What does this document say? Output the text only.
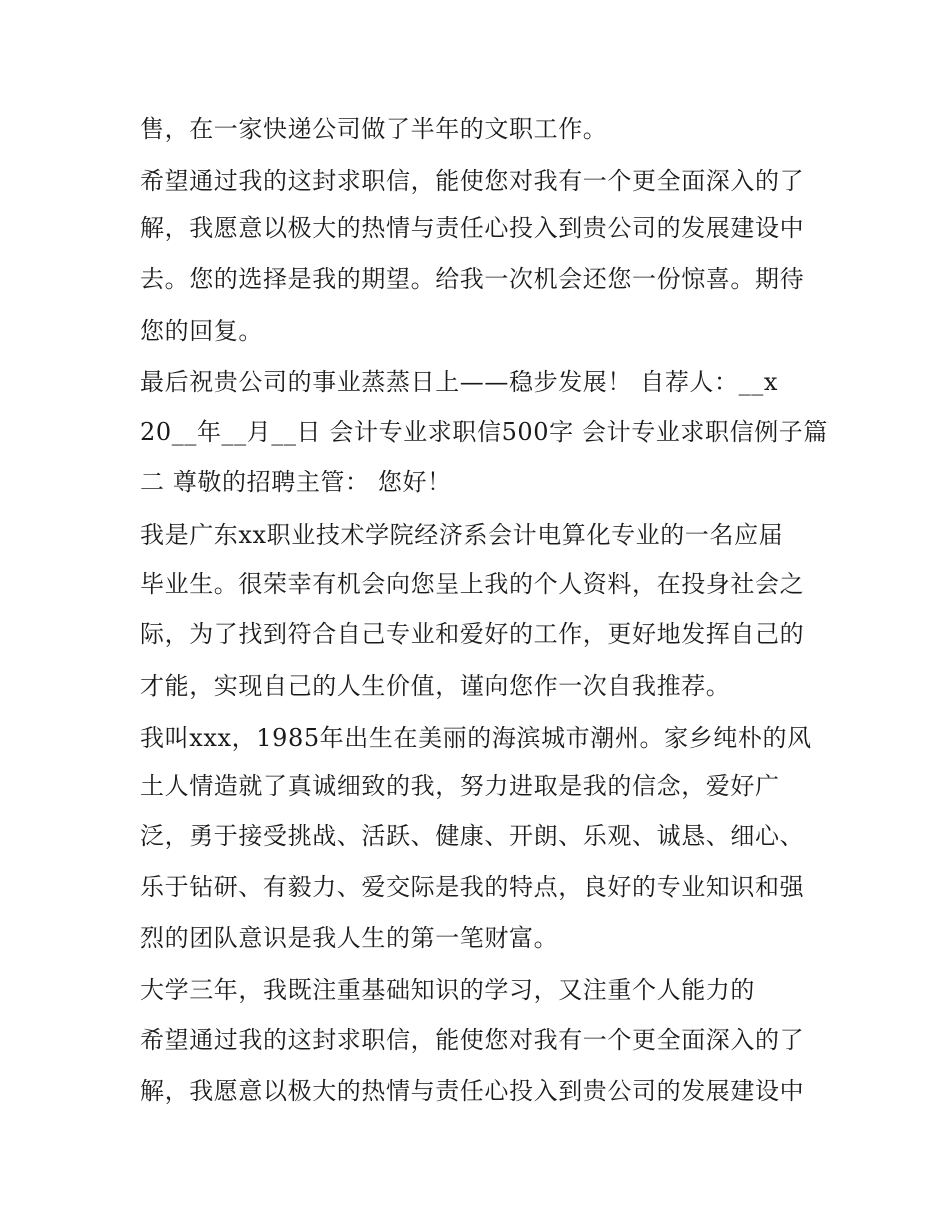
售，在一家快递公司做了半年的文职工作。
希望通过我的这封求职信，能使您对我有一个更全面深入的了
解，我愿意以极大的热情与责任心投入到贵公司的发展建设中
去。您的选择是我的期望。给我一次机会还您一份惊喜。期待
您的回复。
最后祝贵公司的事业蒸蒸日上——稳步发展！ 自荐人：__x
20__年__月__日 会计专业求职信500字 会计专业求职信例子篇
二 尊敬的招聘主管： 您好！
我是广东xx职业技术学院经济系会计电算化专业的一名应届
毕业生。很荣幸有机会向您呈上我的个人资料，在投身社会之
际，为了找到符合自己专业和爱好的工作，更好地发挥自己的
才能，实现自己的人生价值，谨向您作一次自我推荐。
我叫xxx，1985年出生在美丽的海滨城市潮州。家乡纯朴的风
土人情造就了真诚细致的我，努力进取是我的信念，爱好广
泛，勇于接受挑战、活跃、健康、开朗、乐观、诚恳、细心、
乐于钻研、有毅力、爱交际是我的特点，良好的专业知识和强
烈的团队意识是我人生的第一笔财富。
大学三年，我既注重基础知识的学习，又注重个人能力的
希望通过我的这封求职信，能使您对我有一个更全面深入的了
解，我愿意以极大的热情与责任心投入到贵公司的发展建设中
